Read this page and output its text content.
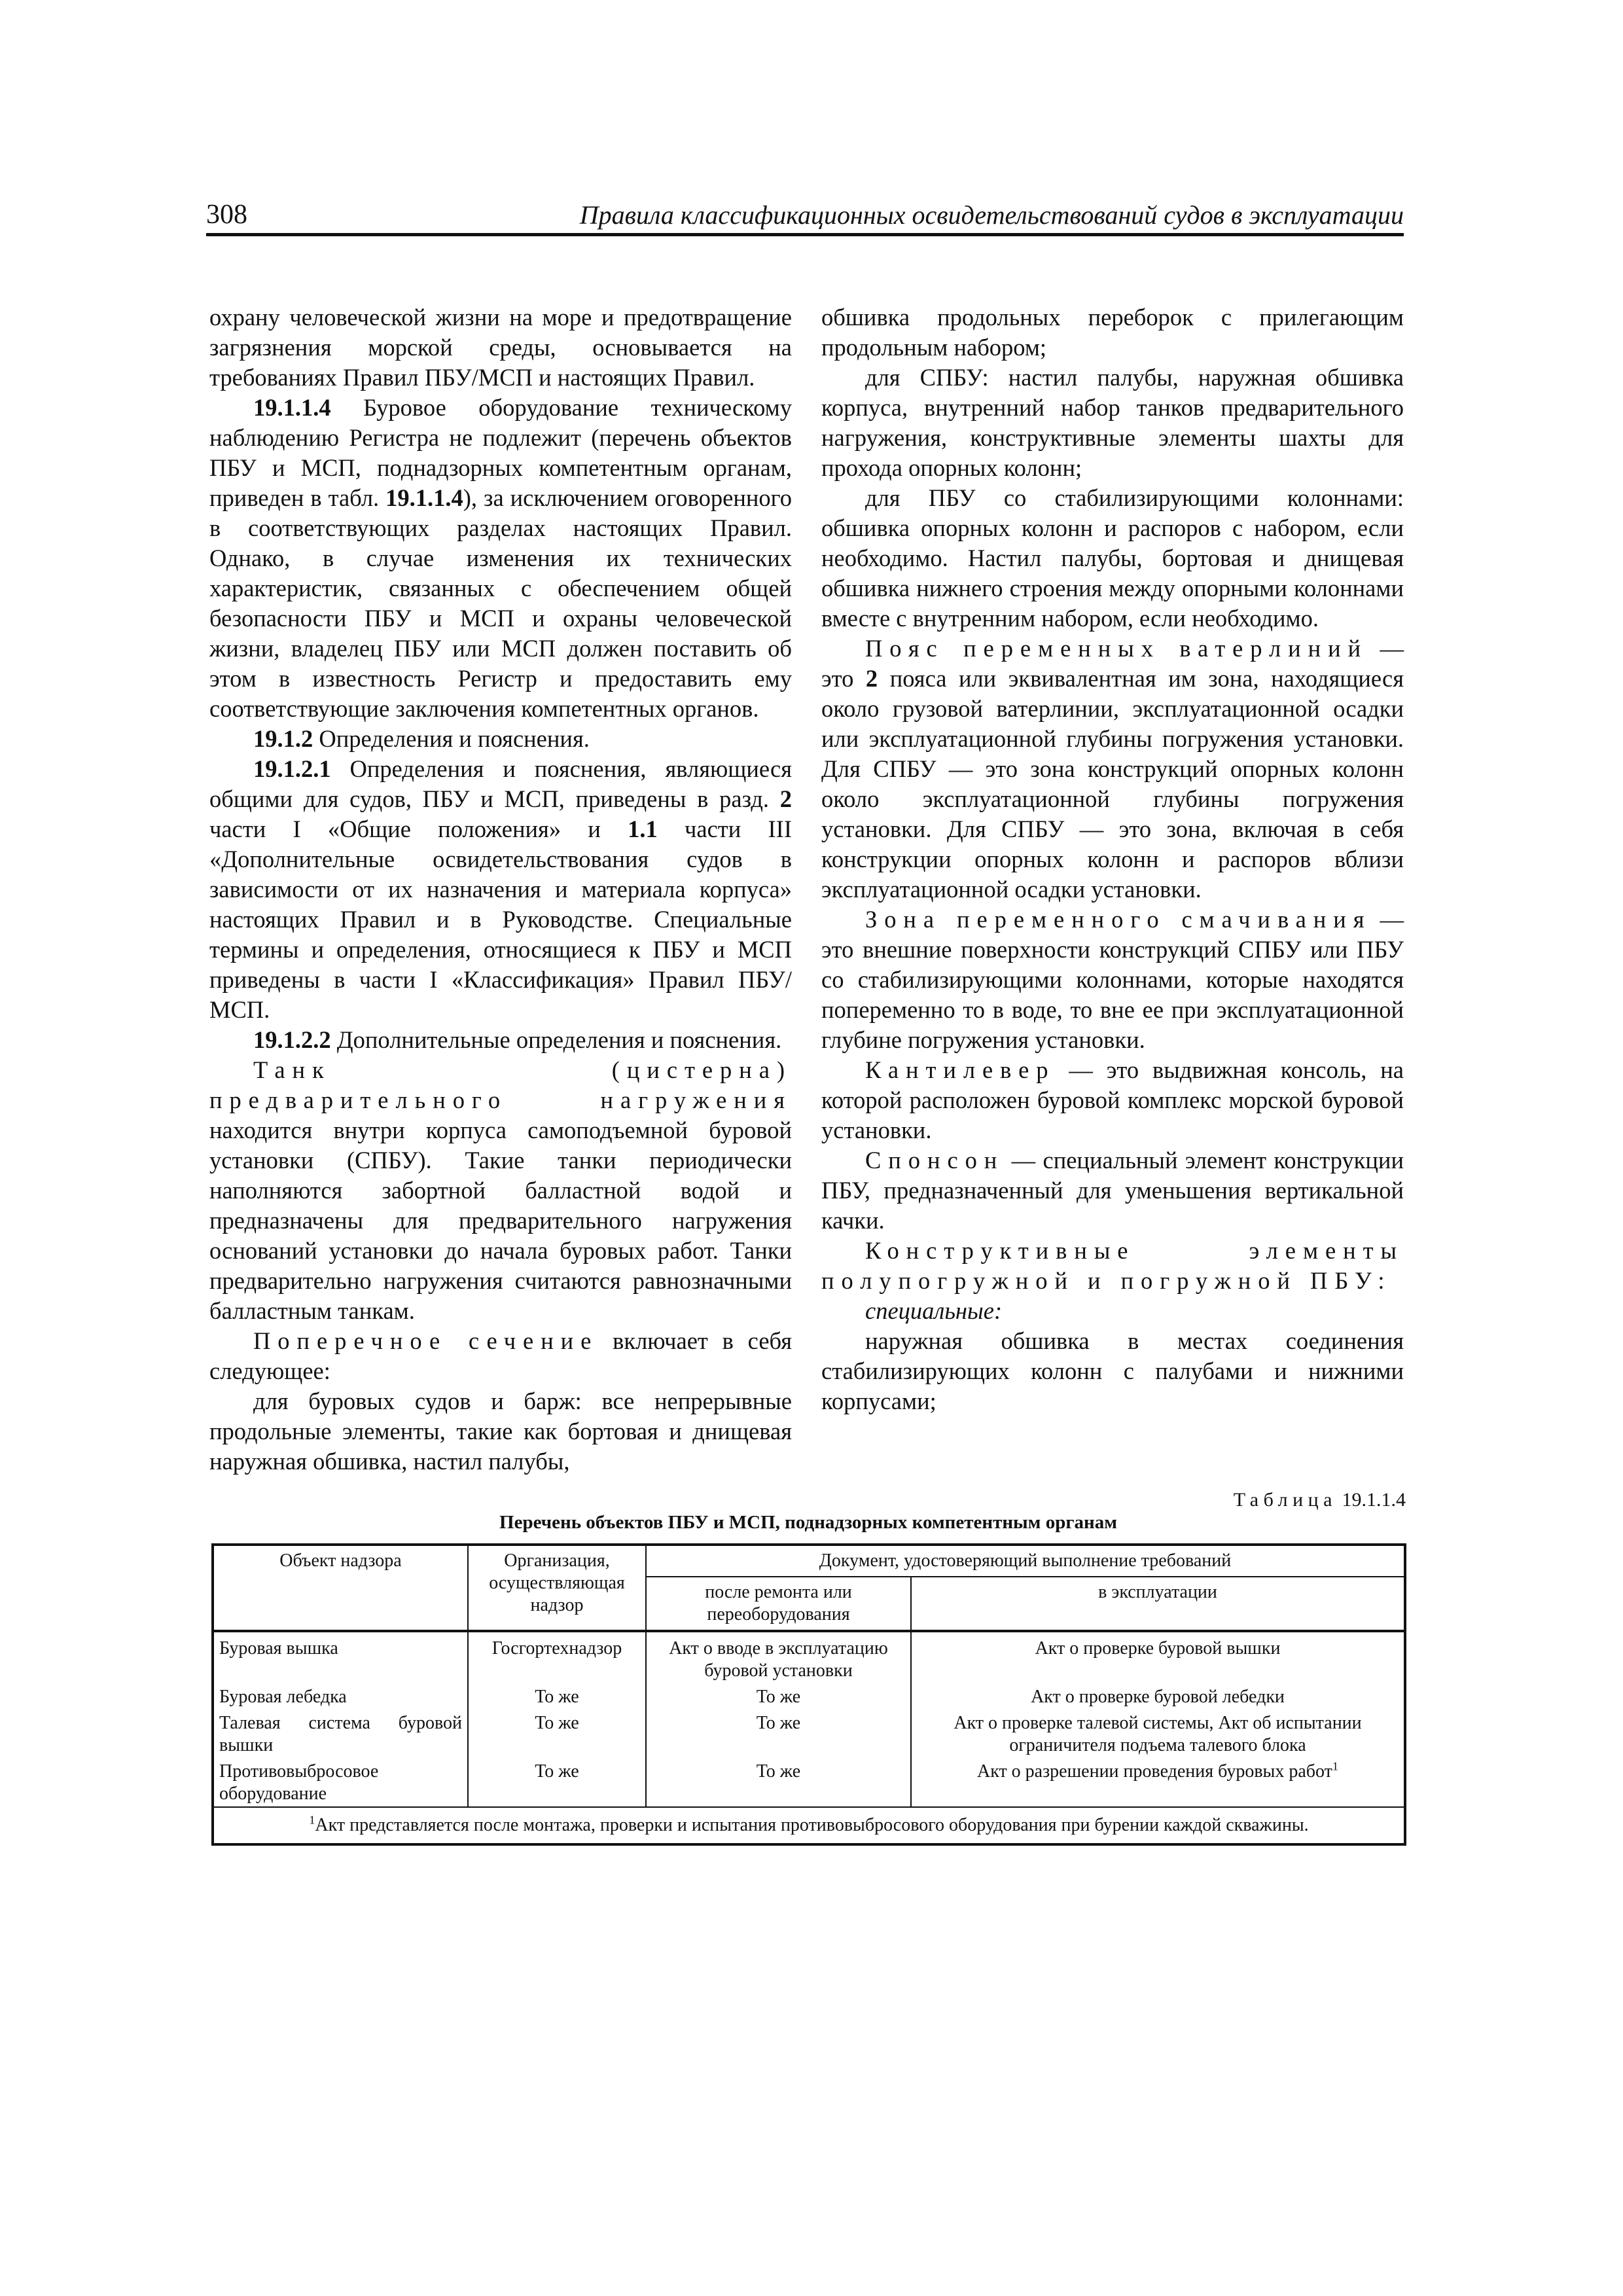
308	Правила классификационных освидетельствований судов в эксплуатации

охрану человеческой жизни на море и предотвращение загрязнения морской среды, основывается на требованиях Правил ПБУ/МСП и настоящих Правил.

19.1.1.4 Буровое оборудование техническому наблюдению Регистра не подлежит (перечень объектов ПБУ и МСП, поднадзорных компетентным органам, приведен в табл. 19.1.1.4), за исключением оговоренного в соответствующих разделах настоящих Правил. Однако, в случае изменения их технических характеристик, связанных с обеспечением общей безопасности ПБУ и МСП и охраны человеческой жизни, владелец ПБУ или МСП должен поставить об этом в известность Регистр и предоставить ему соответствующие заключения компетентных органов.

19.1.2 Определения и пояснения.

19.1.2.1 Определения и пояснения, являющиеся общими для судов, ПБУ и МСП, приведены в разд. 2 части I «Общие положения» и 1.1 части III «Дополнительные освидетельствования судов в зависимости от их назначения и материала корпуса» настоящих Правил и в Руководстве. Специальные термины и определения, относящиеся к ПБУ и МСП приведены в части I «Классификация» Правил ПБУ/МСП.

19.1.2.2 Дополнительные определения и пояснения.

Танк (цистерна) предварительного нагружения находится внутри корпуса самоподъемной буровой установки (СПБУ). Такие танки периодически наполняются забортной балластной водой и предназначены для предварительного нагружения оснований установки до начала буровых работ. Танки предварительно нагружения считаются равнозначными балластным танкам.

Поперечное сечение включает в себя следующее:

для буровых судов и барж: все непрерывные продольные элементы, такие как бортовая и днищевая наружная обшивка, настил палубы,

обшивка продольных переборок с прилегающим продольным набором;

для СПБУ: настил палубы, наружная обшивка корпуса, внутренний набор танков предварительного нагружения, конструктивные элементы шахты для прохода опорных колонн;

для ПБУ со стабилизирующими колоннами: обшивка опорных колонн и распоров с набором, если необходимо. Настил палубы, бортовая и днищевая обшивка нижнего строения между опорными колоннами вместе с внутренним набором, если необходимо.

Пояс переменных ватерлиний — это 2 пояса или эквивалентная им зона, находящиеся около грузовой ватерлинии, эксплуатационной осадки или эксплуатационной глубины погружения установки. Для СПБУ — это зона конструкций опорных колонн около эксплуатационной глубины погружения установки. Для СПБУ — это зона, включая в себя конструкции опорных колонн и распоров вблизи эксплуатационной осадки установки.

Зона переменного смачивания — это внешние поверхности конструкций СПБУ или ПБУ со стабилизирующими колоннами, которые находятся попеременно то в воде, то вне ее при эксплуатационной глубине погружения установки.

Кантилевер — это выдвижная консоль, на которой расположен буровой комплекс морской буровой установки.

Спонсон — специальный элемент конструкции ПБУ, предназначенный для уменьшения вертикальной качки.

Конструктивные элементы полупогружной и погружной ПБУ:

специальные:

наружная обшивка в местах соединения стабилизирующих колонн с палубами и нижними корпусами;

Таблица 19.1.1.4
Перечень объектов ПБУ и МСП, поднадзорных компетентным органам
Объект надзора	Организация, осуществляющая надзор	Документ, удостоверяющий выполнение требований	
		после ремонта или переоборудования	в эксплуатации
Буровая вышка	Госгортехнадзор	Акт о вводе в эксплуатацию буровой установки	Акт о проверке буровой вышки
Буровая лебедка	То же	То же	Акт о проверке буровой лебедки
Талевая система буровой вышки	То же	То же	Акт о проверке талевой системы, Акт об испытании ограничителя подъема талевого блока
Противовыбросовое оборудование	То же	То же	Акт о разрешении проведения буровых работ$^1$
$^1$Акт представляется после монтажа, проверки и испытания противовыбросового оборудования при бурении каждой скважины.			
